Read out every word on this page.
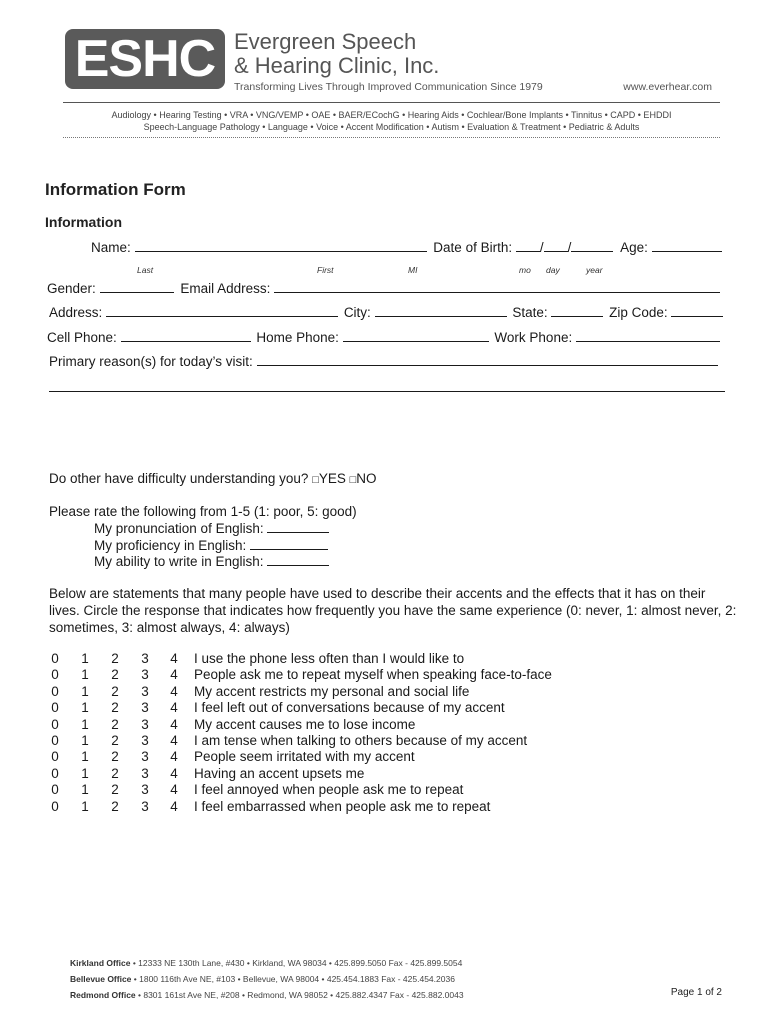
ESHC Evergreen Speech
& Hearing Clinic, Inc.
Transforming Lives Through Improved Communication Since 1979	www.everhear.com
Audiology • Hearing Testing • VRA • VNG/VEMP • OAE • BAER/ECochG • Hearing Aids • Cochlear/Bone Implants • Tinnitus • CAPD • EHDDI
Speech-Language Pathology • Language • Voice • Accent Modification • Autism • Evaluation & Treatment • Pediatric & Adults
Information Form
Information
Name:	Date of Birth: / /	Age:
Last	First	MI	mo day	year
Gender:	Email Address:
Address:	City:	State:	Zip Code:
Cell Phone:	Home Phone:	Work Phone:
Primary reason(s) for today’s visit:
Do other have difficulty understanding you? □YES □NO
Please rate the following from 1-5 (1: poor, 5: good)
My pronunciation of English:
My proficiency in English:
My ability to write in English:
Below are statements that many people have used to describe their accents and the effects that it has on their lives. Circle the response that indicates how frequently you have the same experience (0: never, 1: almost never, 2: sometimes, 3: almost always, 4: always)
0 1 2 3 4 I use the phone less often than I would like to
0 1 2 3 4 People ask me to repeat myself when speaking face-to-face
0 1 2 3 4 My accent restricts my personal and social life
0 1 2 3 4 I feel left out of conversations because of my accent
0 1 2 3 4 My accent causes me to lose income
0 1 2 3 4 I am tense when talking to others because of my accent
0 1 2 3 4 People seem irritated with my accent
0 1 2 3 4 Having an accent upsets me
0 1 2 3 4 I feel annoyed when people ask me to repeat
0 1 2 3 4 I feel embarrassed when people ask me to repeat
Kirkland Office • 12333 NE 130th Lane, #430 • Kirkland, WA 98034 • 425.899.5050 Fax - 425.899.5054
Bellevue Office • 1800 116th Ave NE, #103 • Bellevue, WA 98004 • 425.454.1883 Fax - 425.454.2036
Redmond Office • 8301 161st Ave NE, #208 • Redmond, WA 98052 • 425.882.4347 Fax - 425.882.0043	Page 1 of 2
